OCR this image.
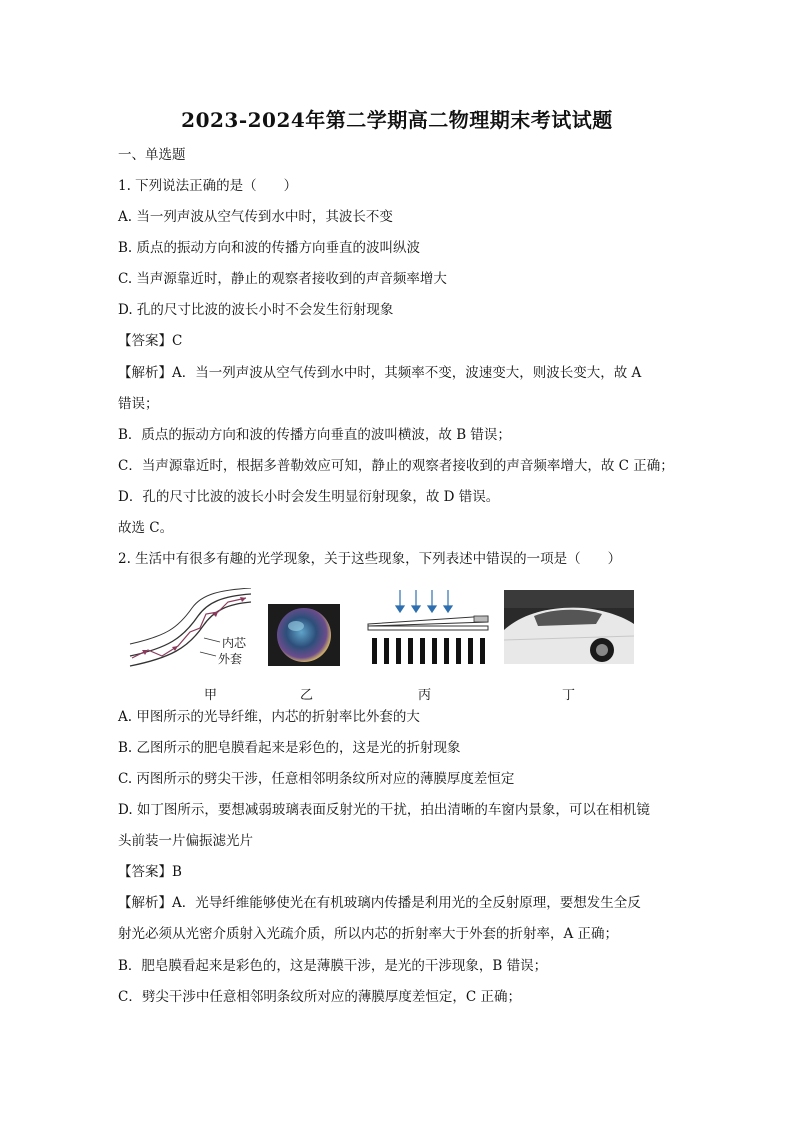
2023-2024年第二学期高二物理期末考试试题
一、单选题
1. 下列说法正确的是（　　）
A. 当一列声波从空气传到水中时，其波长不变
B. 质点的振动方向和波的传播方向垂直的波叫纵波
C. 当声源靠近时，静止的观察者接收到的声音频率增大
D. 孔的尺寸比波的波长小时不会发生衍射现象
【答案】C
【解析】A．当一列声波从空气传到水中时，其频率不变，波速变大，则波长变大，故 A
错误；
B．质点的振动方向和波的传播方向垂直的波叫横波，故 B 错误；
C．当声源靠近时，根据多普勒效应可知，静止的观察者接收到的声音频率增大，故 C 正确；
D．孔的尺寸比波的波长小时会发生明显衍射现象，故 D 错误。
故选 C。
2. 生活中有很多有趣的光学现象，关于这些现象，下列表述中错误的一项是（　　）
内芯
外套
甲	乙	丙	丁
A. 甲图所示的光导纤维，内芯的折射率比外套的大
B. 乙图所示的肥皂膜看起来是彩色的，这是光的折射现象
C. 丙图所示的劈尖干涉，任意相邻明条纹所对应的薄膜厚度差恒定
D. 如丁图所示，要想减弱玻璃表面反射光的干扰，拍出清晰的车窗内景象，可以在相机镜
头前装一片偏振滤光片
【答案】B
【解析】A．光导纤维能够使光在有机玻璃内传播是利用光的全反射原理，要想发生全反
射光必须从光密介质射入光疏介质，所以内芯的折射率大于外套的折射率，A 正确；
B．肥皂膜看起来是彩色的，这是薄膜干涉，是光的干涉现象，B 错误；
C．劈尖干涉中任意相邻明条纹所对应的薄膜厚度差恒定，C 正确；
